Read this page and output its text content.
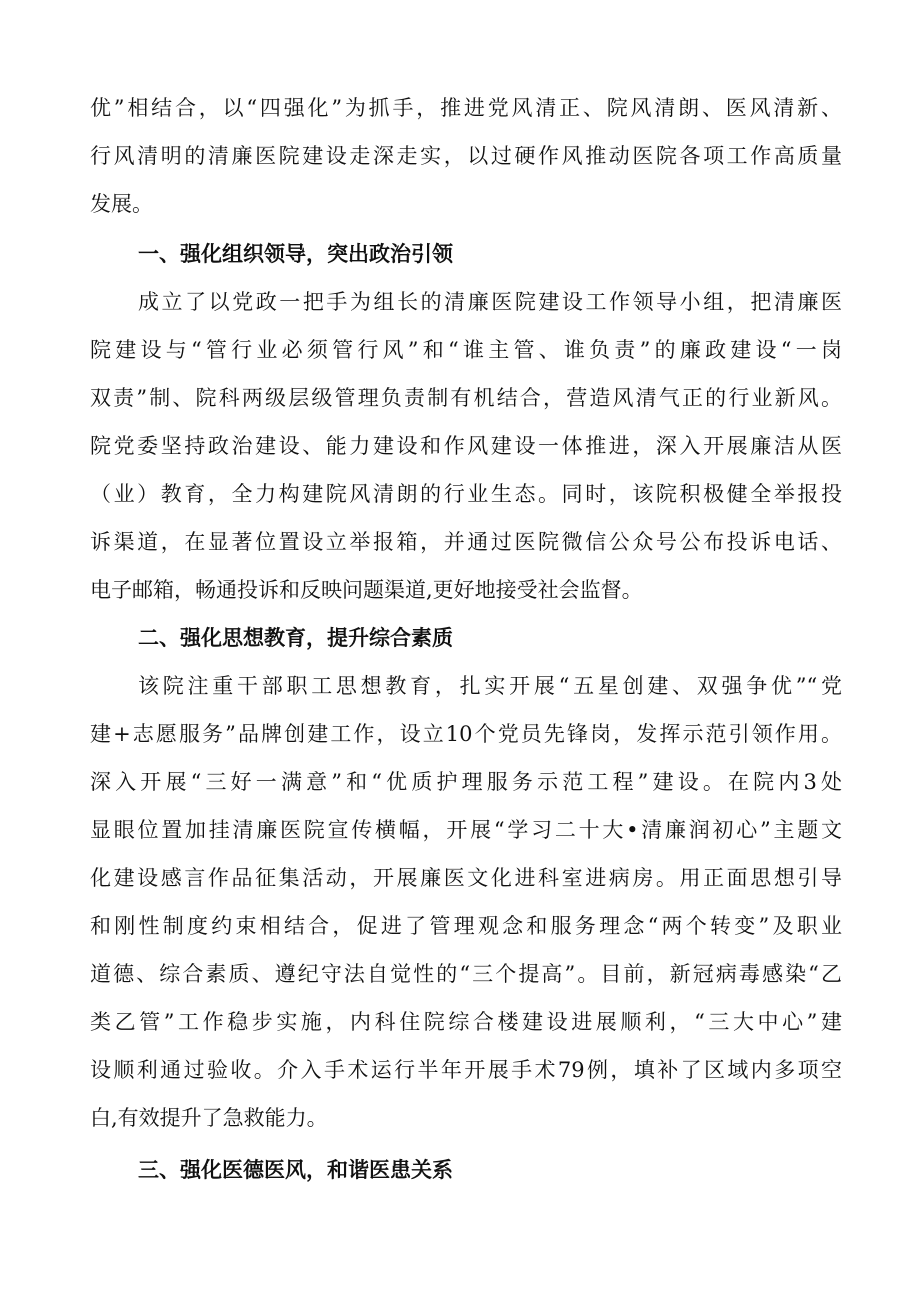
优”相结合，以“四强化”为抓手，推进党风清正、院风清朗、医风清新、
行风清明的清廉医院建设走深走实，以过硬作风推动医院各项工作高质量
发展。
一、强化组织领导，突出政治引领
成立了以党政一把手为组长的清廉医院建设工作领导小组，把清廉医
院建设与“管行业必须管行风”和“谁主管、谁负责”的廉政建设“一岗
双责”制、院科两级层级管理负责制有机结合，营造风清气正的行业新风。
院党委坚持政治建设、能力建设和作风建设一体推进，深入开展廉洁从医
（业）教育，全力构建院风清朗的行业生态。同时，该院积极健全举报投
诉渠道，在显著位置设立举报箱，并通过医院微信公众号公布投诉电话、
电子邮箱，畅通投诉和反映问题渠道,更好地接受社会监督。
二、强化思想教育，提升综合素质
该院注重干部职工思想教育，扎实开展“五星创建、双强争优”“党
建+志愿服务”品牌创建工作，设立10个党员先锋岗，发挥示范引领作用。
深入开展“三好一满意”和“优质护理服务示范工程”建设。在院内3处
显眼位置加挂清廉医院宣传横幅，开展“学习二十大•清廉润初心”主题文
化建设感言作品征集活动，开展廉医文化进科室进病房。用正面思想引导
和刚性制度约束相结合，促进了管理观念和服务理念“两个转变”及职业
道德、综合素质、遵纪守法自觉性的“三个提高”。目前，新冠病毒感染“乙
类乙管”工作稳步实施，内科住院综合楼建设进展顺利，“三大中心”建
设顺利通过验收。介入手术运行半年开展手术79例，填补了区域内多项空
白,有效提升了急救能力。
三、强化医德医风，和谐医患关系
